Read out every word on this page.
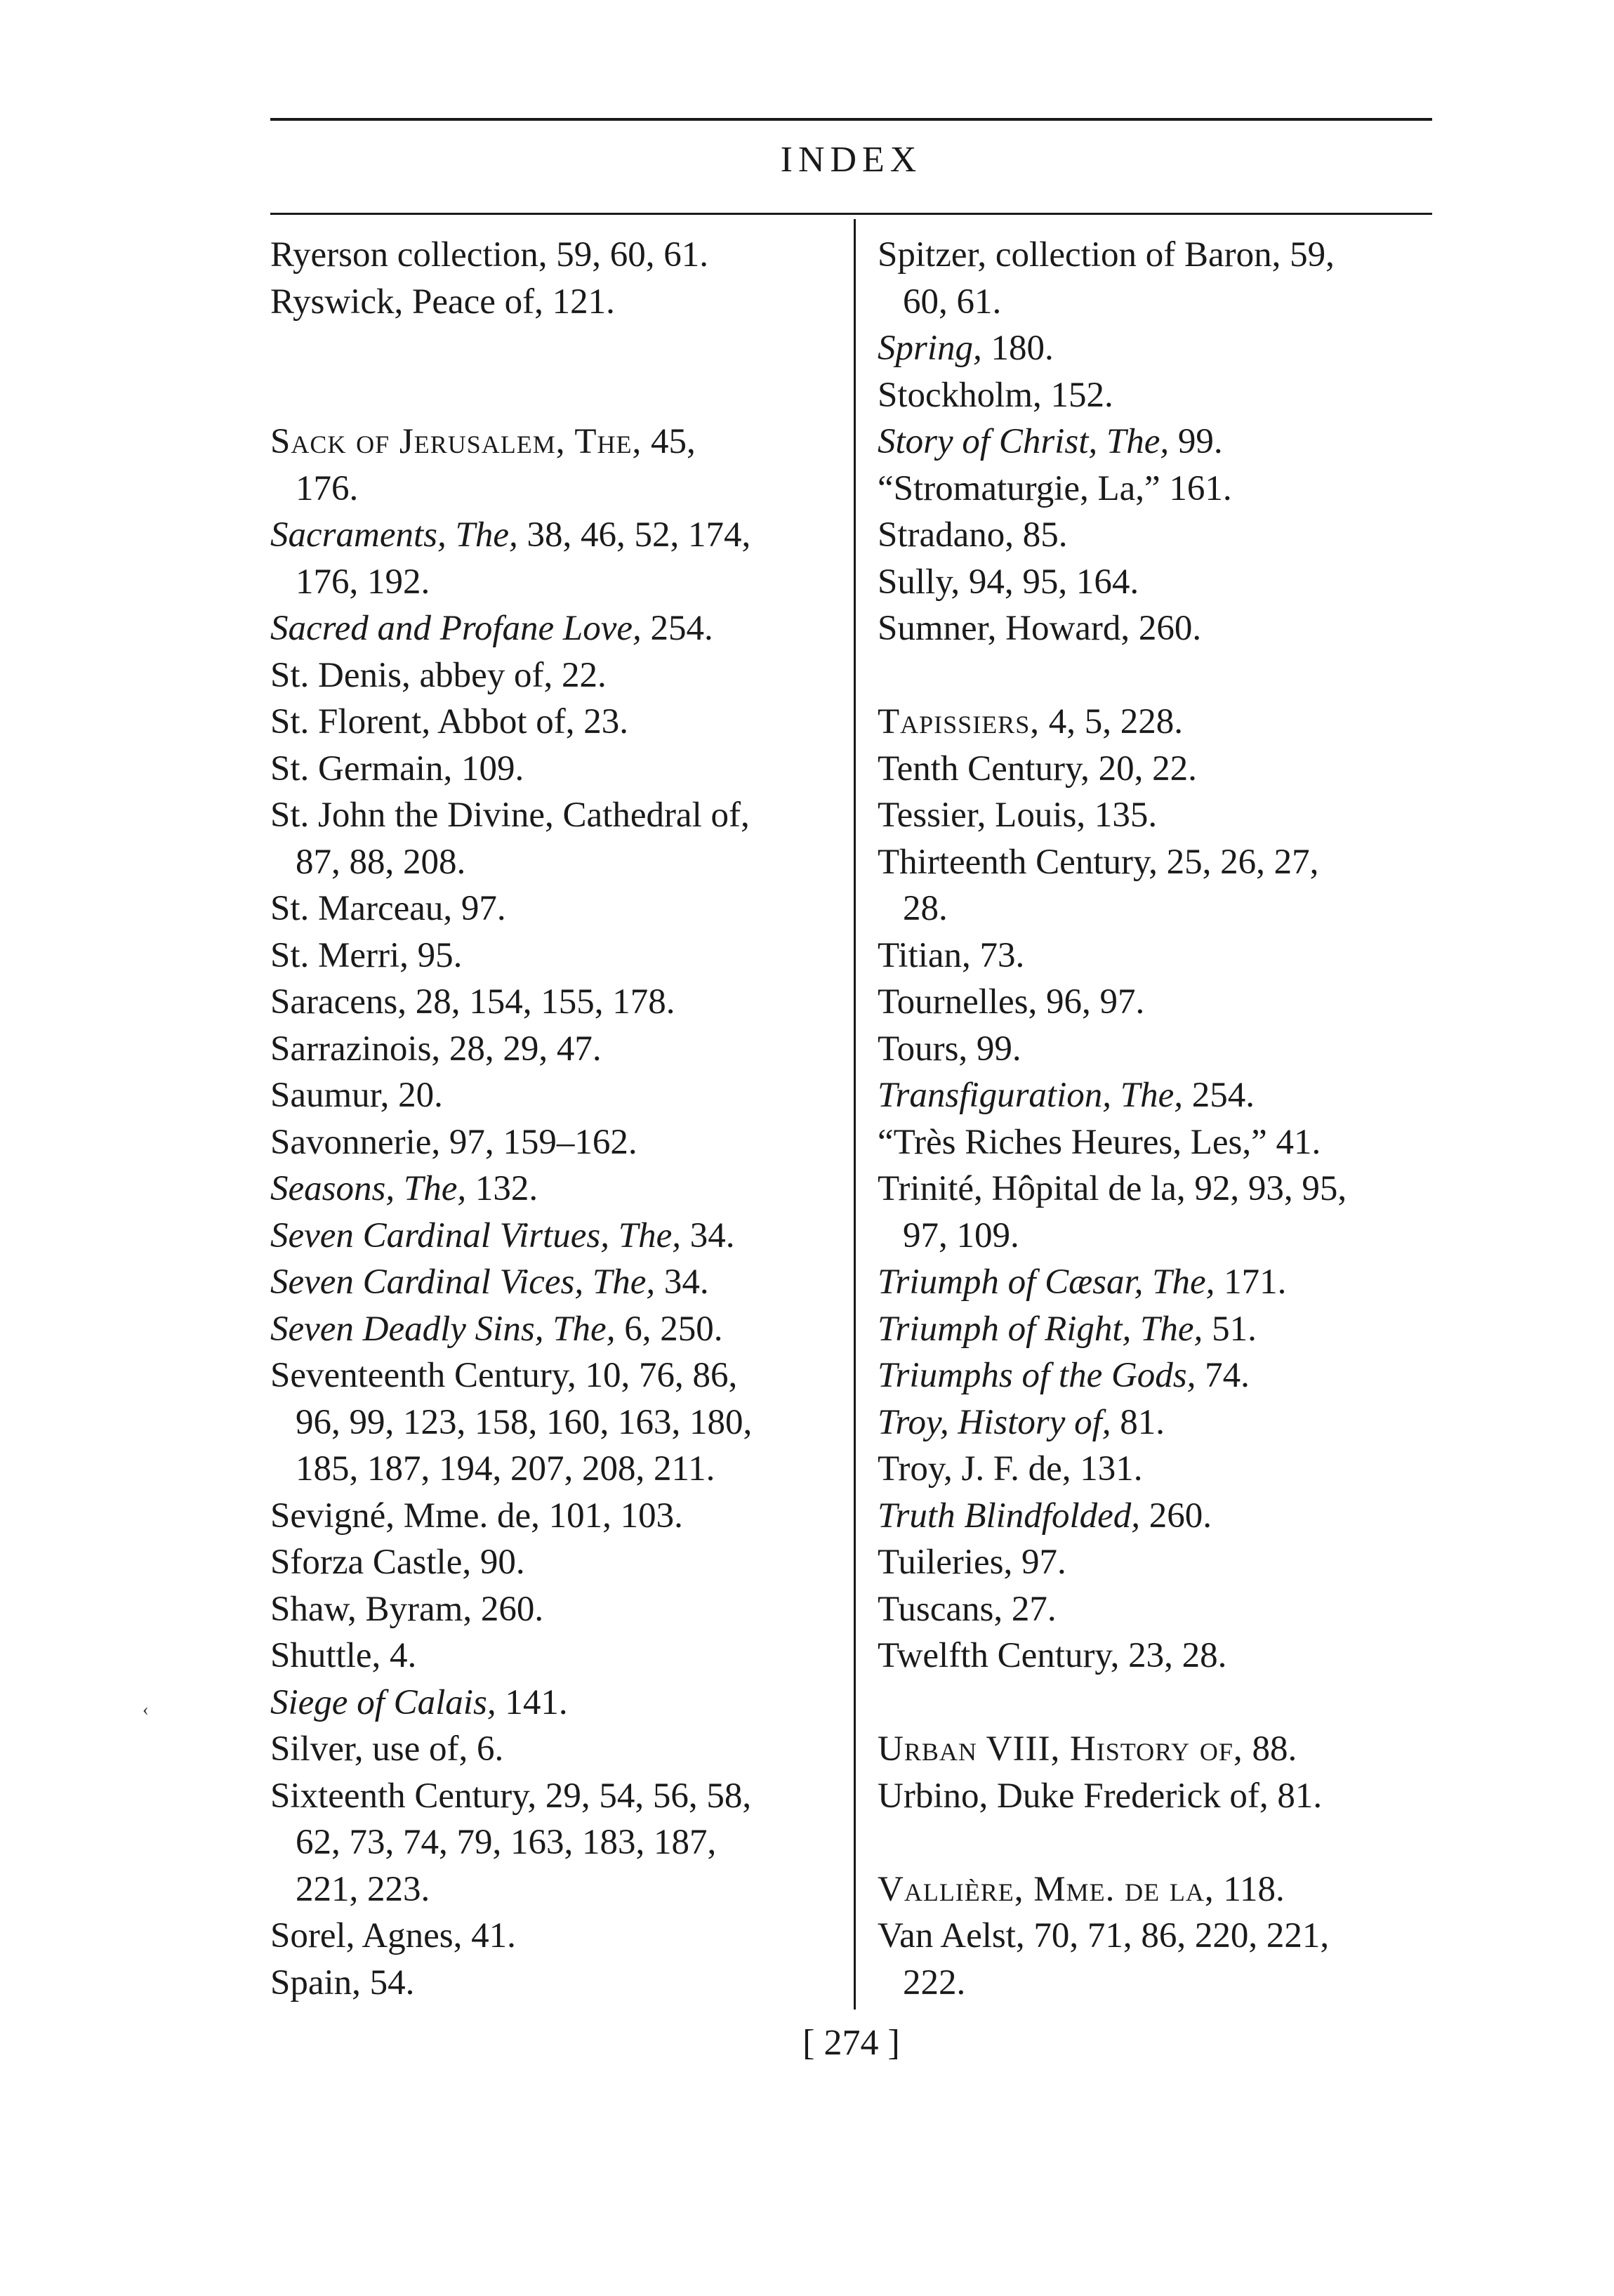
INDEX
Ryerson collection, 59, 60, 61.
Ryswick, Peace of, 121.
Sack of Jerusalem, The, 45,
176.
Sacraments, The, 38, 46, 52, 174,
176, 192.
Sacred and Profane Love, 254.
St. Denis, abbey of, 22.
St. Florent, Abbot of, 23.
St. Germain, 109.
St. John the Divine, Cathedral of,
87, 88, 208.
St. Marceau, 97.
St. Merri, 95.
Saracens, 28, 154, 155, 178.
Sarrazinois, 28, 29, 47.
Saumur, 20.
Savonnerie, 97, 159–162.
Seasons, The, 132.
Seven Cardinal Virtues, The, 34.
Seven Cardinal Vices, The, 34.
Seven Deadly Sins, The, 6, 250.
Seventeenth Century, 10, 76, 86,
96, 99, 123, 158, 160, 163, 180,
185, 187, 194, 207, 208, 211.
Sevigné, Mme. de, 101, 103.
Sforza Castle, 90.
Shaw, Byram, 260.
Shuttle, 4.
Siege of Calais, 141.
Silver, use of, 6.
Sixteenth Century, 29, 54, 56, 58,
62, 73, 74, 79, 163, 183, 187,
221, 223.
Sorel, Agnes, 41.
Spain, 54.
Spitzer, collection of Baron, 59,
60, 61.
Spring, 180.
Stockholm, 152.
Story of Christ, The, 99.
“Stromaturgie, La,” 161.
Stradano, 85.
Sully, 94, 95, 164.
Sumner, Howard, 260.
Tapissiers, 4, 5, 228.
Tenth Century, 20, 22.
Tessier, Louis, 135.
Thirteenth Century, 25, 26, 27,
28.
Titian, 73.
Tournelles, 96, 97.
Tours, 99.
Transfiguration, The, 254.
“Très Riches Heures, Les,” 41.
Trinité, Hôpital de la, 92, 93, 95,
97, 109.
Triumph of Cæsar, The, 171.
Triumph of Right, The, 51.
Triumphs of the Gods, 74.
Troy, History of, 81.
Troy, J. F. de, 131.
Truth Blindfolded, 260.
Tuileries, 97.
Tuscans, 27.
Twelfth Century, 23, 28.
Urban VIII, History of, 88.
Urbino, Duke Frederick of, 81.
Vallière, Mme. de la, 118.
Van Aelst, 70, 71, 86, 220, 221,
222.
‹
[ 274 ]
